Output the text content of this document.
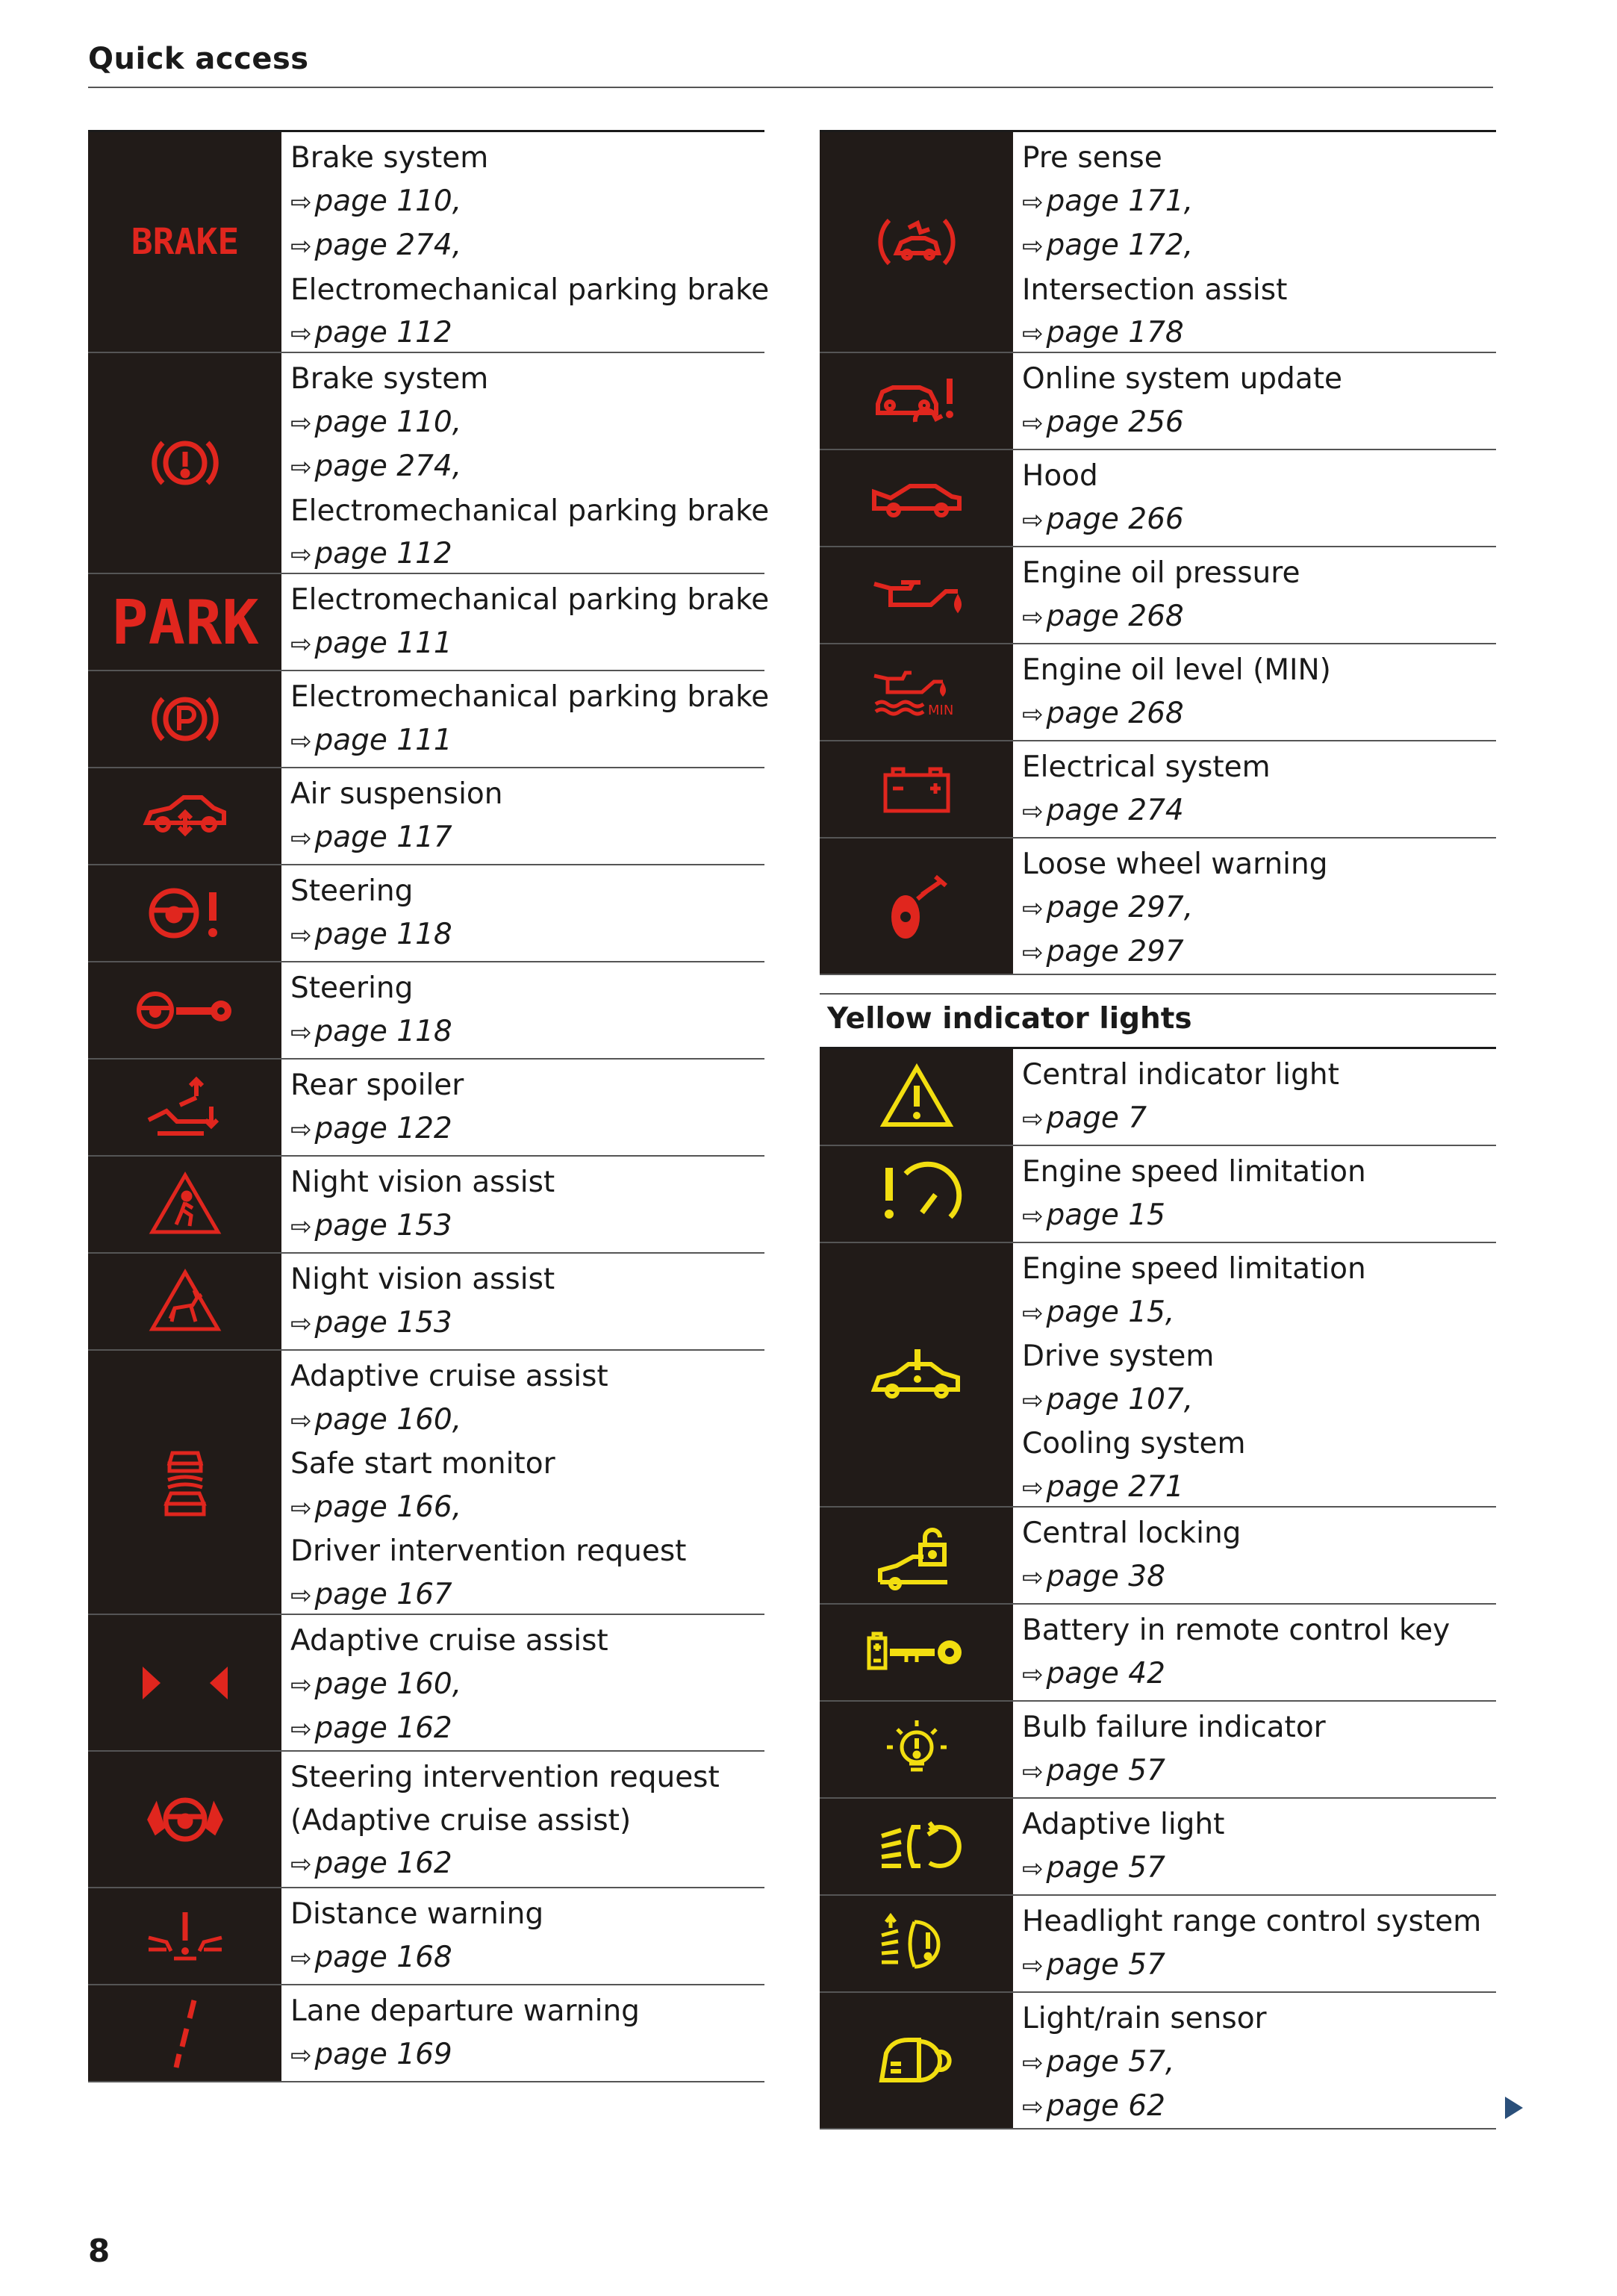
Quick access
BRAKE
Brake system
⇨ page 110,
⇨ page 274,
Electromechanical parking brake
⇨ page 112
Brake system
⇨ page 110,
⇨ page 274,
Electromechanical parking brake
⇨ page 112
PARK Electromechanical parking brake
⇨ page 111
Electromechanical parking brake
⇨ page 111
Air suspension
⇨ page 117
Steering
⇨ page 118
Steering
⇨ page 118
Rear spoiler
⇨ page 122
Night vision assist
⇨ page 153
Night vision assist
⇨ page 153
Adaptive cruise assist
⇨ page 160,
Safe start monitor
⇨ page 166,
Driver intervention request
⇨ page 167
Adaptive cruise assist
⇨ page 160,
⇨ page 162
Steering intervention request
(Adaptive cruise assist)
⇨ page 162
Distance warning
⇨ page 168
Lane departure warning
⇨ page 169
Pre sense
⇨ page 171,
⇨ page 172,
Intersection assist
⇨ page 178
Online system update
⇨ page 256
Hood
⇨ page 266
Engine oil pressure
⇨ page 268
MIN
Engine oil level (MIN)
⇨ page 268
Electrical system
⇨ page 274
Loose wheel warning
⇨ page 297,
⇨ page 297
Yellow indicator lights
Central indicator light
⇨ page 7
Engine speed limitation
⇨ page 15
Engine speed limitation
⇨ page 15,
Drive system
⇨ page 107,
Cooling system
⇨ page 271
Central locking
⇨ page 38
Battery in remote control key
⇨ page 42
Bulb failure indicator
⇨ page 57
Adaptive light
⇨ page 57
Headlight range control system
⇨ page 57
Light/rain sensor
⇨ page 57,
⇨ page 62
8
